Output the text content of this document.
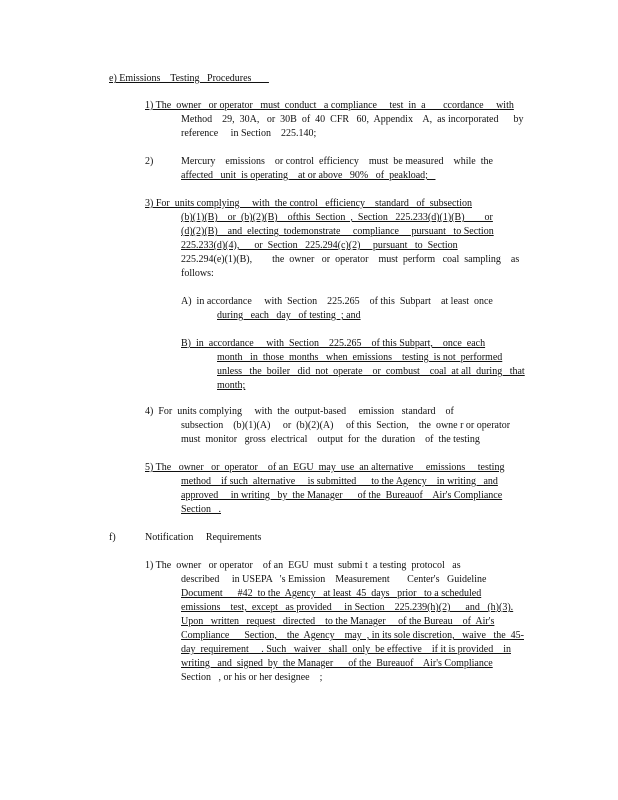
e) Emissions    Testing   Procedures
1) The  owner   or operator   must  conduct   a compliance     test  in  a       ccordance     with
Method    29,  30A,   or  30B  of  40  CFR   60,  Appendix    A,  as incorporated      by
reference     in Section    225.140;
2)	Mercury    emissions    or control  efficiency    must  be measured    while  the
affected   unit  is operating    at or above   90%   of  peakload;
3) For  units complying     with  the control   efficiency    standard   of  subsection
(b)(1)(B)    or  (b)(2)(B)    ofthis  Section  ,  Section   225.233(d)(1)(B)        or
(d)(2)(B)    and  electing  todemonstrate     compliance     pursuant   to Section
225.233(d)(4),      or  Section   225.294(c)(2)     pursuant   to  Section
225.294(e)(1)(B),        the  owner   or  operator    must  perform   coal  sampling    as
follows:
A)  in accordance     with  Section    225.265    of this  Subpart    at least  once
during   each   day   of testing  ; and
B)  in  accordance     with  Section    225.265    of this Subpart,    once  each
month   in  those  months   when  emissions    testing  is not  performed
unless   the  boiler   did  not  operate    or  combust    coal  at all  during   that
month;
4)  For  units complying     with  the  output-based     emission   standard    of
subsection    (b)(1)(A)     or  (b)(2)(A)     of this  Section,    the  owne r or operator
must  monitor   gross  electrical    output  for  the  duration    of  the testing
5) The   owner   or  operator    of an  EGU  may  use  an alternative     emissions     testing
method    if such  alternative     is submitted      to the Agency    in writing   and
approved     in writing   by  the Manager      of the  Bureauof    Air's Compliance
Section   .
f)	Notification     Requirements
1) The  owner   or operator    of an  EGU  must  submi t  a testing  protocol   as
described     in USEPA   's Emission    Measurement       Center's   Guideline
Document      #42  to the  Agency   at least  45  days   prior   to a scheduled
emissions    test,  except   as provided     in Section    225.239(h)(2)      and   (h)(3).
Upon   written   request   directed    to the Manager     of the Bureau    of  Air's
Compliance      Section,    the  Agency    may  , in its sole discretion,   waive   the  45-
day  requirement     . Such   waiver   shall  only  be effective    if it is provided    in
writing   and  signed  by  the Manager      of the  Bureauof    Air's Compliance
Section   , or his or her designee    ;
